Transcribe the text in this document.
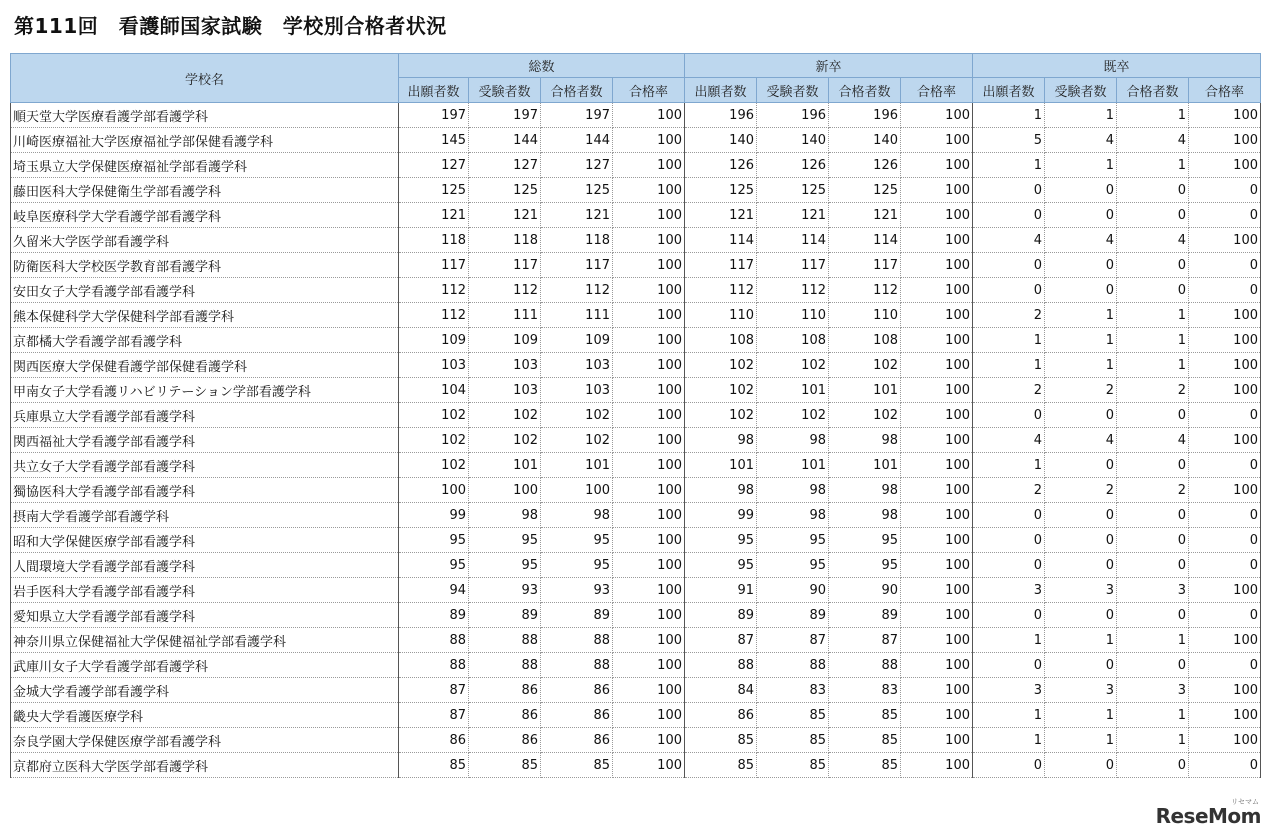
第111回　看護師国家試験　学校別合格者状況
学校名	総数				新卒				既卒			
	出願者数	受験者数	合格者数	合格率	出願者数	受験者数	合格者数	合格率	出願者数	受験者数	合格者数	合格率
順天堂大学医療看護学部看護学科	197	197	197	100	196	196	196	100	1	1	1	100
川崎医療福祉大学医療福祉学部保健看護学科	145	144	144	100	140	140	140	100	5	4	4	100
埼玉県立大学保健医療福祉学部看護学科	127	127	127	100	126	126	126	100	1	1	1	100
藤田医科大学保健衛生学部看護学科	125	125	125	100	125	125	125	100	0	0	0	0
岐阜医療科学大学看護学部看護学科	121	121	121	100	121	121	121	100	0	0	0	0
久留米大学医学部看護学科	118	118	118	100	114	114	114	100	4	4	4	100
防衛医科大学校医学教育部看護学科	117	117	117	100	117	117	117	100	0	0	0	0
安田女子大学看護学部看護学科	112	112	112	100	112	112	112	100	0	0	0	0
熊本保健科学大学保健科学部看護学科	112	111	111	100	110	110	110	100	2	1	1	100
京都橘大学看護学部看護学科	109	109	109	100	108	108	108	100	1	1	1	100
関西医療大学保健看護学部保健看護学科	103	103	103	100	102	102	102	100	1	1	1	100
甲南女子大学看護リハビリテーション学部看護学科	104	103	103	100	102	101	101	100	2	2	2	100
兵庫県立大学看護学部看護学科	102	102	102	100	102	102	102	100	0	0	0	0
関西福祉大学看護学部看護学科	102	102	102	100	98	98	98	100	4	4	4	100
共立女子大学看護学部看護学科	102	101	101	100	101	101	101	100	1	0	0	0
獨協医科大学看護学部看護学科	100	100	100	100	98	98	98	100	2	2	2	100
摂南大学看護学部看護学科	99	98	98	100	99	98	98	100	0	0	0	0
昭和大学保健医療学部看護学科	95	95	95	100	95	95	95	100	0	0	0	0
人間環境大学看護学部看護学科	95	95	95	100	95	95	95	100	0	0	0	0
岩手医科大学看護学部看護学科	94	93	93	100	91	90	90	100	3	3	3	100
愛知県立大学看護学部看護学科	89	89	89	100	89	89	89	100	0	0	0	0
神奈川県立保健福祉大学保健福祉学部看護学科	88	88	88	100	87	87	87	100	1	1	1	100
武庫川女子大学看護学部看護学科	88	88	88	100	88	88	88	100	0	0	0	0
金城大学看護学部看護学科	87	86	86	100	84	83	83	100	3	3	3	100
畿央大学看護医療学科	87	86	86	100	86	85	85	100	1	1	1	100
奈良学園大学保健医療学部看護学科	86	86	86	100	85	85	85	100	1	1	1	100
京都府立医科大学医学部看護学科	85	85	85	100	85	85	85	100	0	0	0	0
リセマム
ReseMom
